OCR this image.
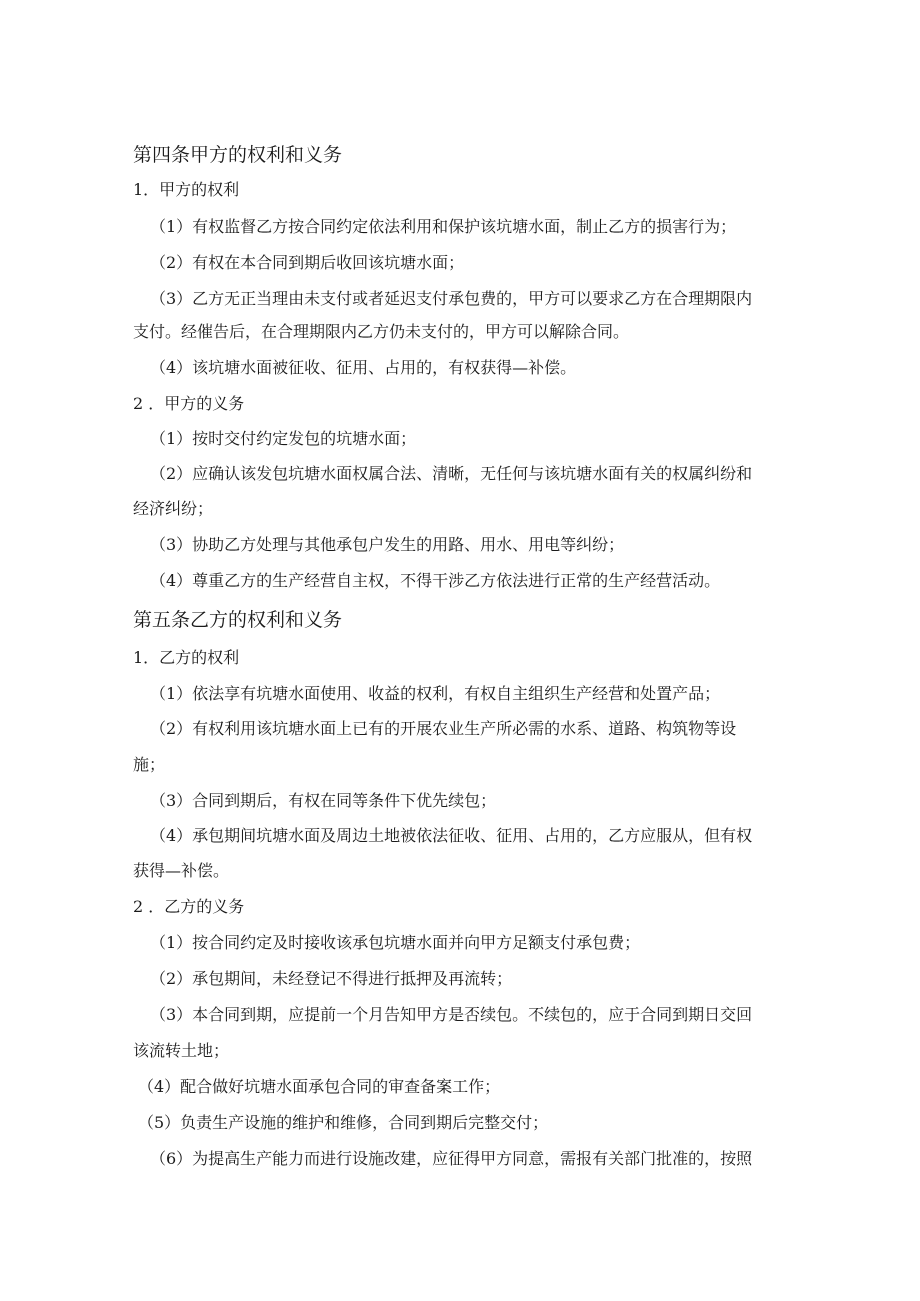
第四条甲方的权利和义务
1．甲方的权利
（1）有权监督乙方按合同约定依法利用和保护该坑塘水面，制止乙方的损害行为；
（2）有权在本合同到期后收回该坑塘水面；
（3）乙方无正当理由未支付或者延迟支付承包费的，甲方可以要求乙方在合理期限内
支付。经催告后，在合理期限内乙方仍未支付的，甲方可以解除合同。
（4）该坑塘水面被征收、征用、占用的，有权获得—补偿。
2 ．甲方的义务
（1）按时交付约定发包的坑塘水面；
（2）应确认该发包坑塘水面权属合法、清晰，无任何与该坑塘水面有关的权属纠纷和
经济纠纷；
（3）协助乙方处理与其他承包户发生的用路、用水、用电等纠纷；
（4）尊重乙方的生产经营自主权，不得干涉乙方依法进行正常的生产经营活动。
第五条乙方的权利和义务
1．乙方的权利
（1）依法享有坑塘水面使用、收益的权利，有权自主组织生产经营和处置产品；
（2）有权利用该坑塘水面上已有的开展农业生产所必需的水系、道路、构筑物等设
施；
（3）合同到期后，有权在同等条件下优先续包；
（4）承包期间坑塘水面及周边土地被依法征收、征用、占用的，乙方应服从，但有权
获得—补偿。
2 ．乙方的义务
（1）按合同约定及时接收该承包坑塘水面并向甲方足额支付承包费；
（2）承包期间，未经登记不得进行抵押及再流转；
（3）本合同到期，应提前一个月告知甲方是否续包。不续包的，应于合同到期日交回
该流转土地；
（4）配合做好坑塘水面承包合同的审查备案工作；
（5）负责生产设施的维护和维修，合同到期后完整交付；
（6）为提高生产能力而进行设施改建，应征得甲方同意，需报有关部门批准的，按照
